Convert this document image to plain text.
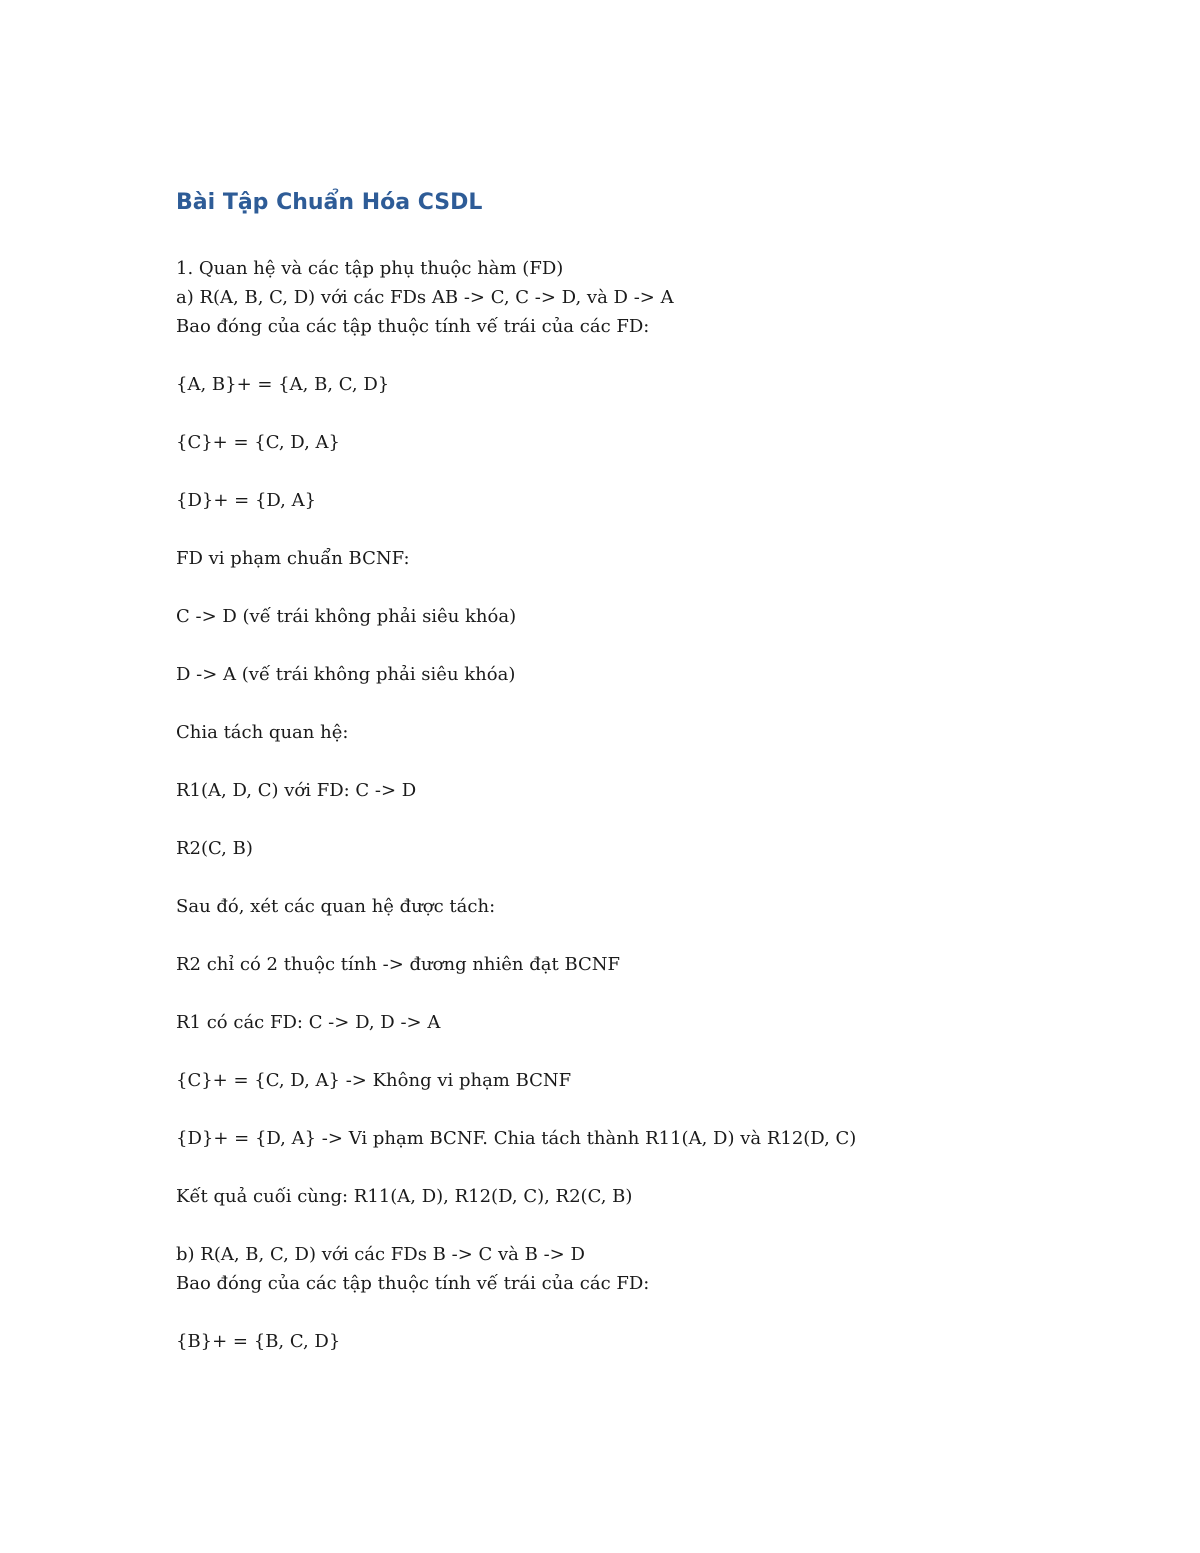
Bài Tập Chuẩn Hóa CSDL
1. Quan hệ và các tập phụ thuộc hàm (FD)
a) R(A, B, C, D) với các FDs AB -> C, C -> D, và D -> A
Bao đóng của các tập thuộc tính vế trái của các FD:
{A, B}+ = {A, B, C, D}
{C}+ = {C, D, A}
{D}+ = {D, A}
FD vi phạm chuẩn BCNF:
C -> D (vế trái không phải siêu khóa)
D -> A (vế trái không phải siêu khóa)
Chia tách quan hệ:
R1(A, D, C) với FD: C -> D
R2(C, B)
Sau đó, xét các quan hệ được tách:
R2 chỉ có 2 thuộc tính -> đương nhiên đạt BCNF
R1 có các FD: C -> D, D -> A
{C}+ = {C, D, A} -> Không vi phạm BCNF
{D}+ = {D, A} -> Vi phạm BCNF. Chia tách thành R11(A, D) và R12(D, C)
Kết quả cuối cùng: R11(A, D), R12(D, C), R2(C, B)
b) R(A, B, C, D) với các FDs B -> C và B -> D
Bao đóng của các tập thuộc tính vế trái của các FD:
{B}+ = {B, C, D}
